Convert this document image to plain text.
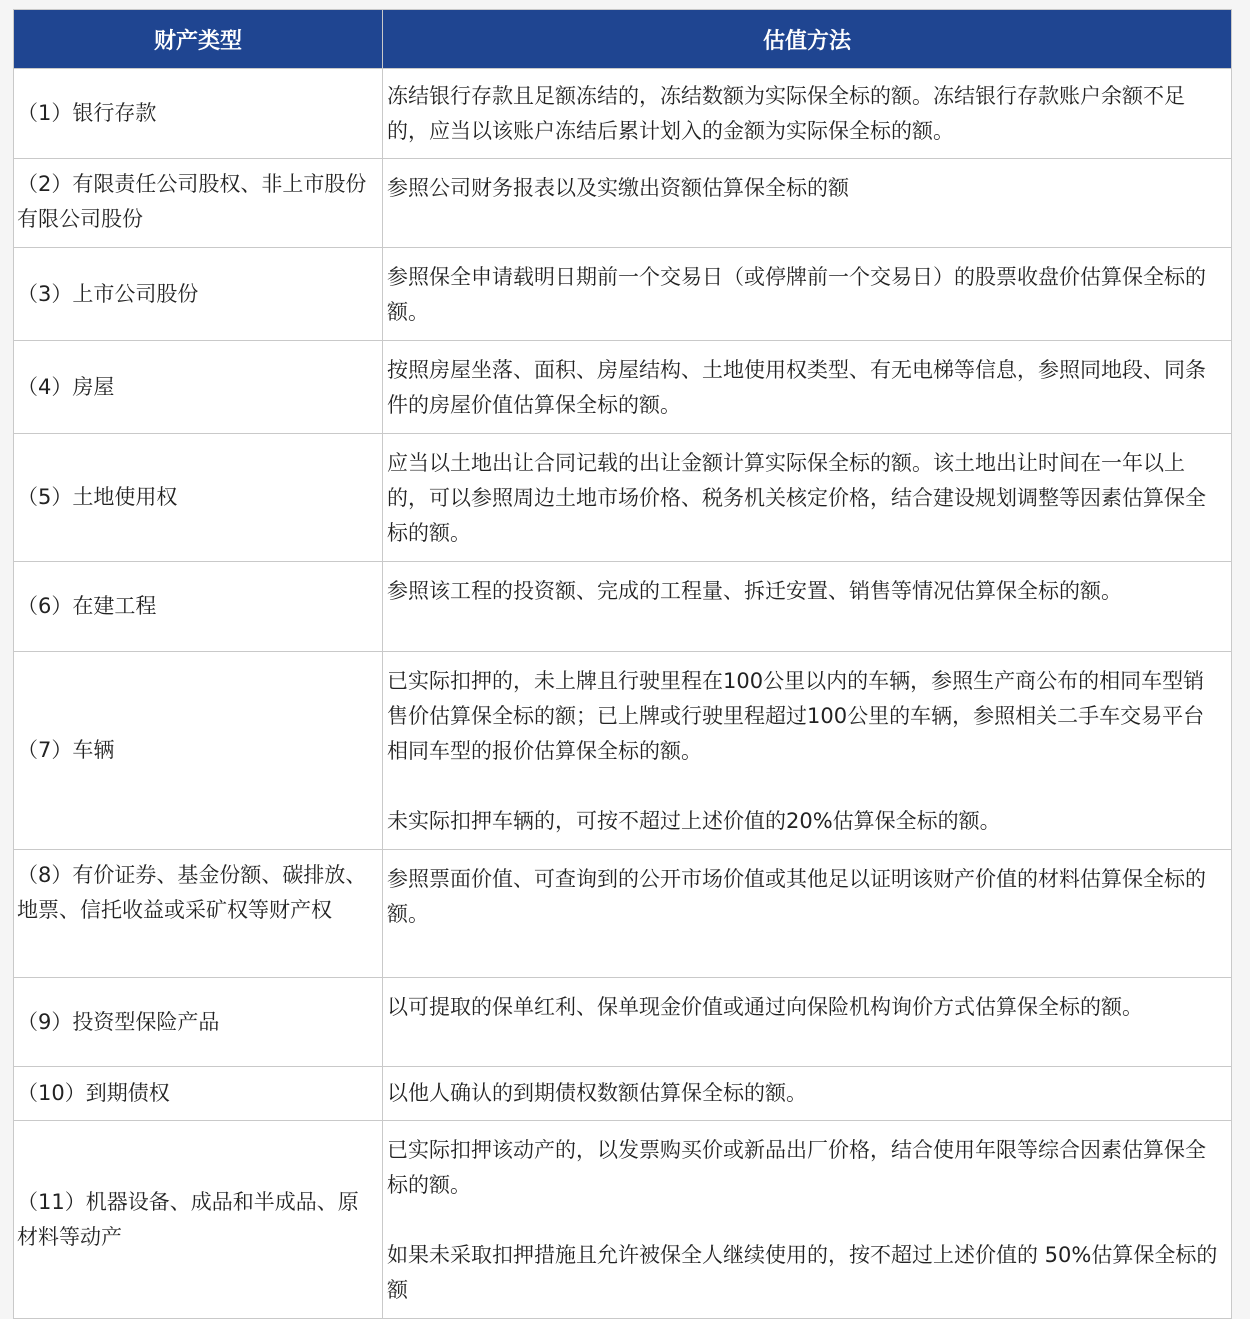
财产类型	估值方法
（1）银行存款	冻结银行存款且足额冻结的，冻结数额为实际保全标的额。冻结银行存款账户余额不足的，应当以该账户冻结后累计划入的金额为实际保全标的额。

（2）有限责任公司股权、非上市股份有限公司股份	参照公司财务报表以及实缴出资额估算保全标的额

（3）上市公司股份	参照保全申请载明日期前一个交易日（或停牌前一个交易日）的股票收盘价估算保全标的额。

（4）房屋	按照房屋坐落、面积、房屋结构、土地使用权类型、有无电梯等信息，参照同地段、同条件的房屋价值估算保全标的额。

（5）土地使用权	应当以土地出让合同记载的出让金额计算实际保全标的额。该土地出让时间在一年以上的，可以参照周边土地市场价格、税务机关核定价格，结合建设规划调整等因素估算保全标的额。

（6）在建工程	参照该工程的投资额、完成的工程量、拆迁安置、销售等情况估算保全标的额。

（7）车辆	已实际扣押的，未上牌且行驶里程在100公里以内的车辆，参照生产商公布的相同车型销售价估算保全标的额；已上牌或行驶里程超过100公里的车辆，参照相关二手车交易平台相同车型的报价估算保全标的额。

未实际扣押车辆的，可按不超过上述价值的20%估算保全标的额。

（8）有价证券、基金份额、碳排放、地票、信托收益或采矿权等财产权	参照票面价值、可查询到的公开市场价值或其他足以证明该财产价值的材料估算保全标的额。

（9）投资型保险产品	以可提取的保单红利、保单现金价值或通过向保险机构询价方式估算保全标的额。

（10）到期债权	以他人确认的到期债权数额估算保全标的额。

（11）机器设备、成品和半成品、原材料等动产	已实际扣押该动产的，以发票购买价或新品出厂价格，结合使用年限等综合因素估算保全标的额。

如果未采取扣押措施且允许被保全人继续使用的，按不超过上述价值的 50%估算保全标的额
